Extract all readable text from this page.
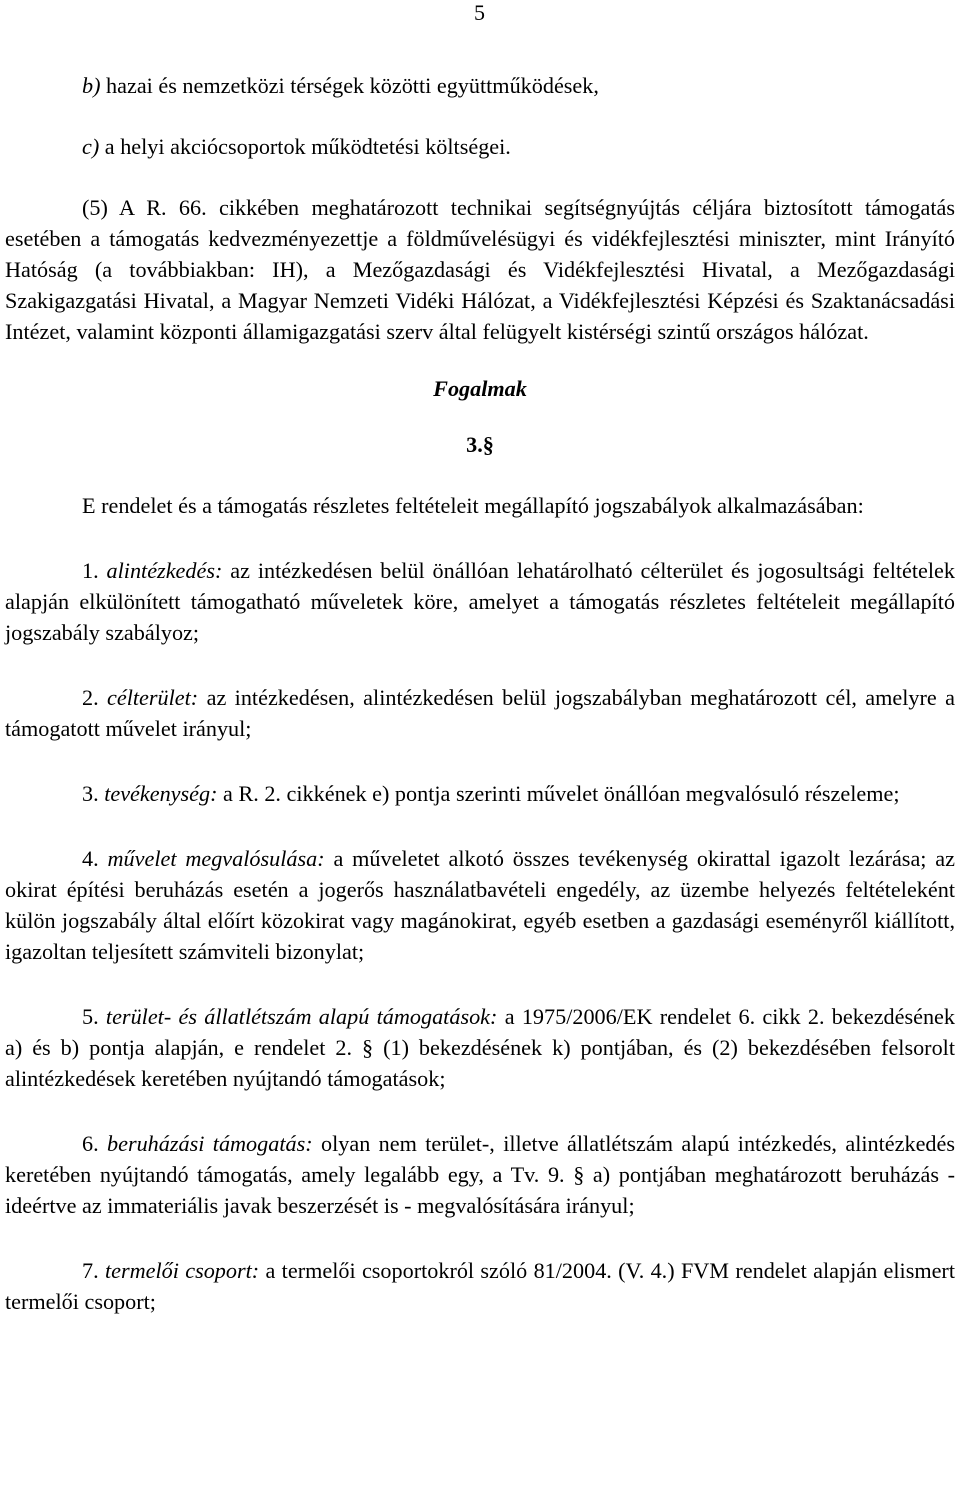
5

b) hazai és nemzetközi térségek közötti együttműködések,

c) a helyi akciócsoportok működtetési költségei.

(5) A R. 66. cikkében meghatározott technikai segítségnyújtás céljára biztosított támogatás esetében a támogatás kedvezményezettje a földművelésügyi és vidékfejlesztési miniszter, mint Irányító Hatóság (a továbbiakban: IH), a Mezőgazdasági és Vidékfejlesztési Hivatal, a Mezőgazdasági Szakigazgatási Hivatal, a Magyar Nemzeti Vidéki Hálózat, a Vidékfejlesztési Képzési és Szaktanácsadási Intézet, valamint központi államigazgatási szerv által felügyelt kistérségi szintű országos hálózat.

Fogalmak

3.§

E rendelet és a támogatás részletes feltételeit megállapító jogszabályok alkalmazásában:

1. alintézkedés: az intézkedésen belül önállóan lehatárolható célterület és jogosultsági feltételek alapján elkülönített támogatható műveletek köre, amelyet a támogatás részletes feltételeit megállapító jogszabály szabályoz;

2. célterület: az intézkedésen, alintézkedésen belül jogszabályban meghatározott cél, amelyre a támogatott művelet irányul;

3. tevékenység: a R. 2. cikkének e) pontja szerinti művelet önállóan megvalósuló részeleme;

4. művelet megvalósulása: a műveletet alkotó összes tevékenység okirattal igazolt lezárása; az okirat építési beruházás esetén a jogerős használatbavételi engedély, az üzembe helyezés feltételeként külön jogszabály által előírt közokirat vagy magánokirat, egyéb esetben a gazdasági eseményről kiállított, igazoltan teljesített számviteli bizonylat;

5. terület- és állatlétszám alapú támogatások: a 1975/2006/EK rendelet 6. cikk 2. bekezdésének a) és b) pontja alapján, e rendelet 2. § (1) bekezdésének k) pontjában, és (2) bekezdésében felsorolt alintézkedések keretében nyújtandó támogatások;

6. beruházási támogatás: olyan nem terület-, illetve állatlétszám alapú intézkedés, alintézkedés keretében nyújtandó támogatás, amely legalább egy, a Tv. 9. § a) pontjában meghatározott beruházás - ideértve az immateriális javak beszerzését is - megvalósítására irányul;

7. termelői csoport: a termelői csoportokról szóló 81/2004. (V. 4.) FVM rendelet alapján elismert termelői csoport;
